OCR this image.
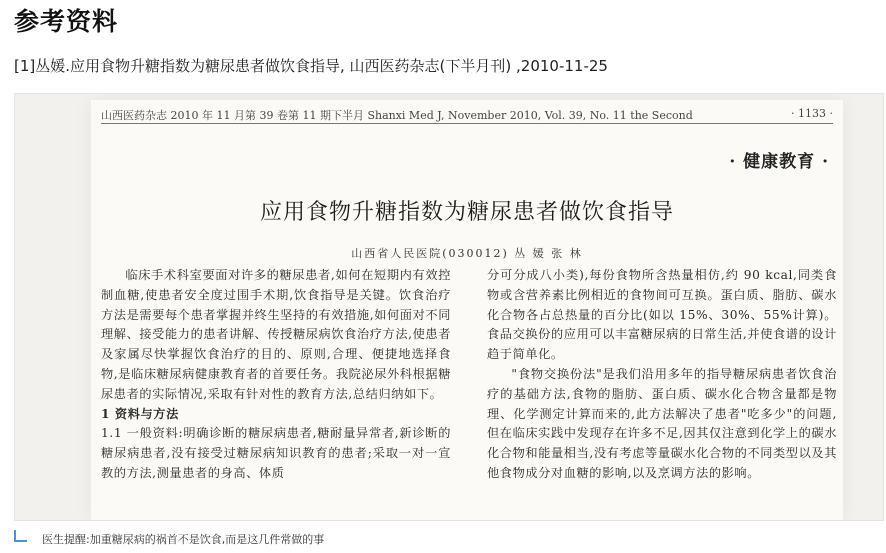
参考资料
[1]丛媛.应用食物升糖指数为糖尿患者做饮食指导, 山西医药杂志(下半月刊) ,2010-11-25
山西医药杂志 2010 年 11 月第 39 卷第 11 期下半月 Shanxi Med J, November 2010, Vol. 39, No. 11 the Second	· 1133 ·
· 健康教育 ·
应用食物升糖指数为糖尿患者做饮食指导
山西省人民医院(030012) 丛 媛 张 林

临床手术科室要面对许多的糖尿患者,如何在短期内有效控制血糖,使患者安全度过围手术期,饮食指导是关键。饮食治疗方法是需要每个患者掌握并终生坚持的有效措施,如何面对不同理解、接受能力的患者讲解、传授糖尿病饮食治疗方法,使患者及家属尽快掌握饮食治疗的目的、原则,合理、便捷地选择食物,是临床糖尿病健康教育者的首要任务。我院泌尿外科根据糖尿患者的实际情况,采取有针对性的教育方法,总结归纳如下。

1 资料与方法

1.1 一般资料:明确诊断的糖尿病患者,糖耐量异常者,新诊断的糖尿病患者,没有接受过糖尿病知识教育的患者;采取一对一宣教的方法,测量患者的身高、体质

分可分成八小类),每份食物所含热量相仿,约 90 kcal,同类食物或含营养素比例相近的食物间可互换。蛋白质、脂肪、碳水化合物各占总热量的百分比(如以 15%、30%、55%计算)。食品交换份的应用可以丰富糖尿病的日常生活,并使食谱的设计趋于简单化。

"食物交换份法"是我们沿用多年的指导糖尿病患者饮食治疗的基础方法,食物的脂肪、蛋白质、碳水化合物含量都是物理、化学测定计算而来的,此方法解决了患者"吃多少"的问题,但在临床实践中发现存在许多不足,因其仅注意到化学上的碳水化合物和能量相当,没有考虑等量碳水化合物的不同类型以及其他食物成分对血糖的影响,以及烹调方法的影响。

医生提醒:加重糖尿病的祸首不是饮食,而是这几件常做的事
